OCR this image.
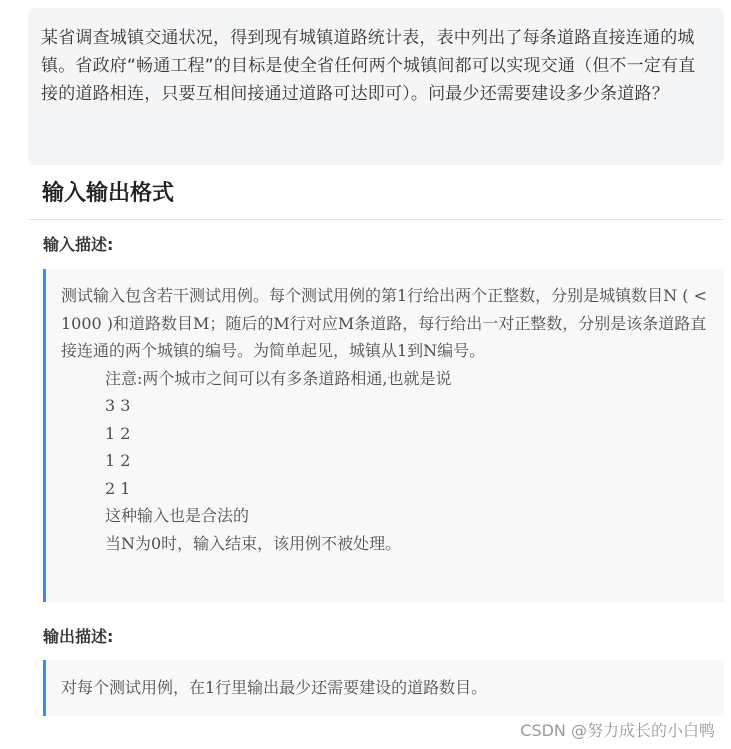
某省调查城镇交通状况，得到现有城镇道路统计表，表中列出了每条道路直接连通的城镇。省政府“畅通工程”的目标是使全省任何两个城镇间都可以实现交通（但不一定有直接的道路相连，只要互相间接通过道路可达即可）。问最少还需要建设多少条道路？

输入输出格式
输入描述:

测试输入包含若干测试用例。每个测试用例的第1行给出两个正整数，分别是城镇数目N ( < 1000 )和道路数目M；随后的M行对应M条道路，每行给出一对正整数，分别是该条道路直接连通的两个城镇的编号。为简单起见，城镇从1到N编号。

注意:两个城市之间可以有多条道路相通,也就是说
3 3
1 2
1 2
2 1
这种输入也是合法的
当N为0时，输入结束，该用例不被处理。
输出描述:

对每个测试用例，在1行里输出最少还需要建设的道路数目。

CSDN @努力成长的小白鸭
